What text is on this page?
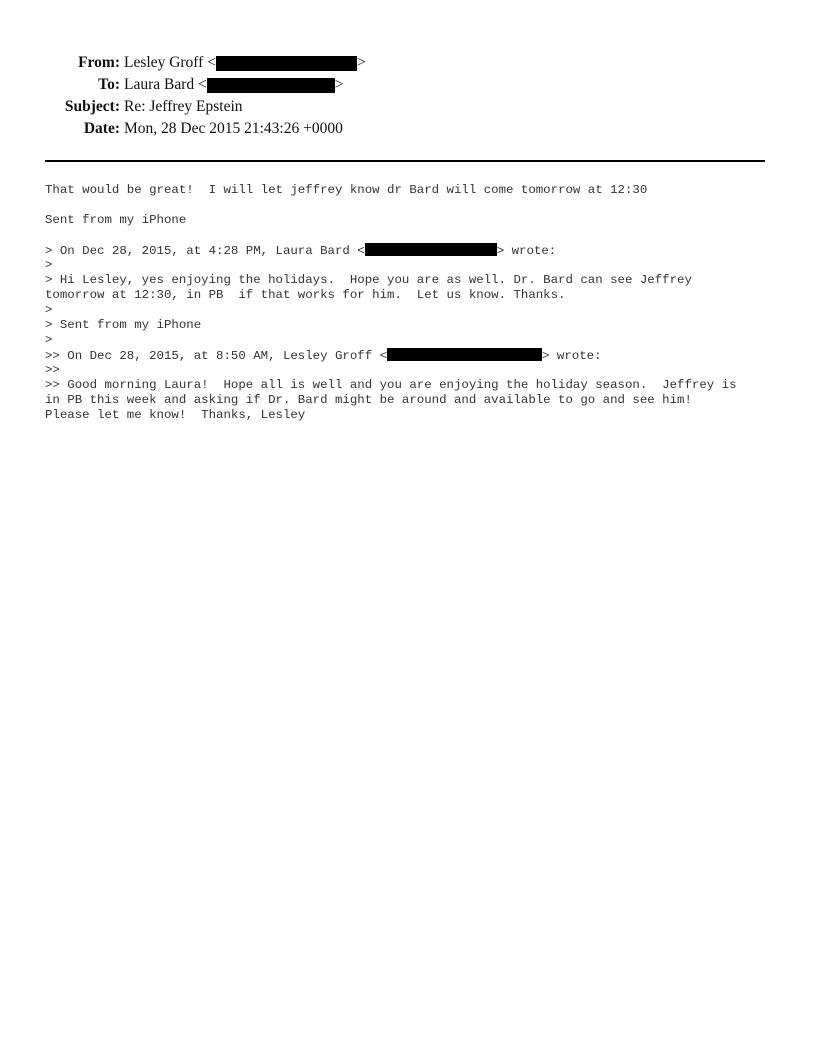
From: Lesley Groff
<	>
To: Laura Bard
<	>
Subject: Re: Jeffrey Epstein
Date: Mon, 28 Dec 2015 21:43:26 +0000
That would be great!  I will let jeffrey know dr Bard will come tomorrow at 12:30
Sent from my iPhone
> On Dec 28, 2015, at 4:28 PM, Laura Bard <	> wrote:
>
> Hi Lesley, yes enjoying the holidays.  Hope you are as well. Dr. Bard can see Jeffrey
tomorrow at 12:30, in PB  if that works for him.  Let us know. Thanks.
>
> Sent from my iPhone
>
>> On Dec 28, 2015, at 8:50 AM, Lesley Groff <	> wrote:
>>
>> Good morning Laura!  Hope all is well and you are enjoying the holiday season.  Jeffrey is
in PB this week and asking if Dr. Bard might be around and available to go and see him!
Please let me know!  Thanks, Lesley
